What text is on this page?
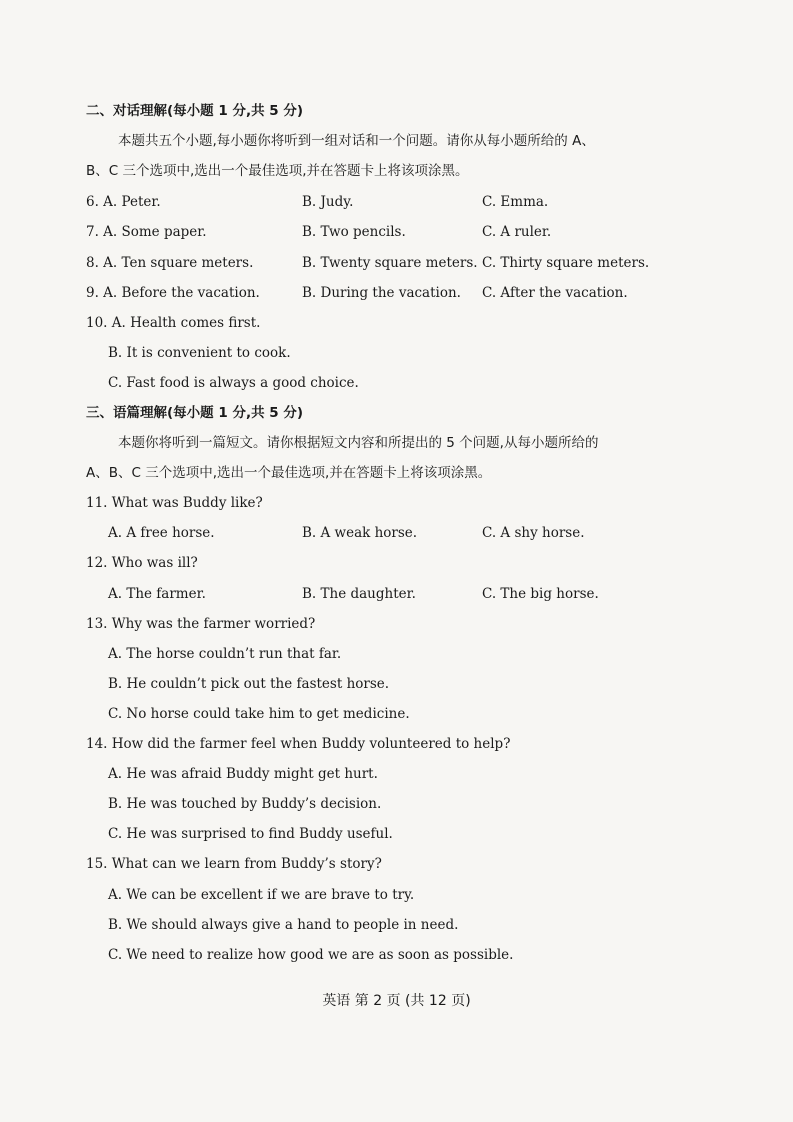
二、对话理解(每小题 1 分,共 5 分)
本题共五个小题,每小题你将听到一组对话和一个问题。请你从每小题所给的 A、
B、C 三个选项中,选出一个最佳选项,并在答题卡上将该项涂黑。
6. A. Peter.	B. Judy.	C. Emma.
7. A. Some paper.	B. Two pencils.	C. A ruler.
8. A. Ten square meters.	B. Twenty square meters. C. Thirty square meters.
9. A. Before the vacation.	B. During the vacation. C. After the vacation.
10. A. Health comes first.
B. It is convenient to cook.
C. Fast food is always a good choice.
三、语篇理解(每小题 1 分,共 5 分)
本题你将听到一篇短文。请你根据短文内容和所提出的 5 个问题,从每小题所给的
A、B、C 三个选项中,选出一个最佳选项,并在答题卡上将该项涂黑。
11. What was Buddy like?
A. A free horse.	B. A weak horse.	C. A shy horse.
12. Who was ill?
A. The farmer.	B. The daughter.	C. The big horse.
13. Why was the farmer worried?
A. The horse couldn’t run that far.
B. He couldn’t pick out the fastest horse.
C. No horse could take him to get medicine.
14. How did the farmer feel when Buddy volunteered to help?
A. He was afraid Buddy might get hurt.
B. He was touched by Buddy’s decision.
C. He was surprised to find Buddy useful.
15. What can we learn from Buddy’s story?
A. We can be excellent if we are brave to try.
B. We should always give a hand to people in need.
C. We need to realize how good we are as soon as possible.
英语 第 2 页 (共 12 页)
